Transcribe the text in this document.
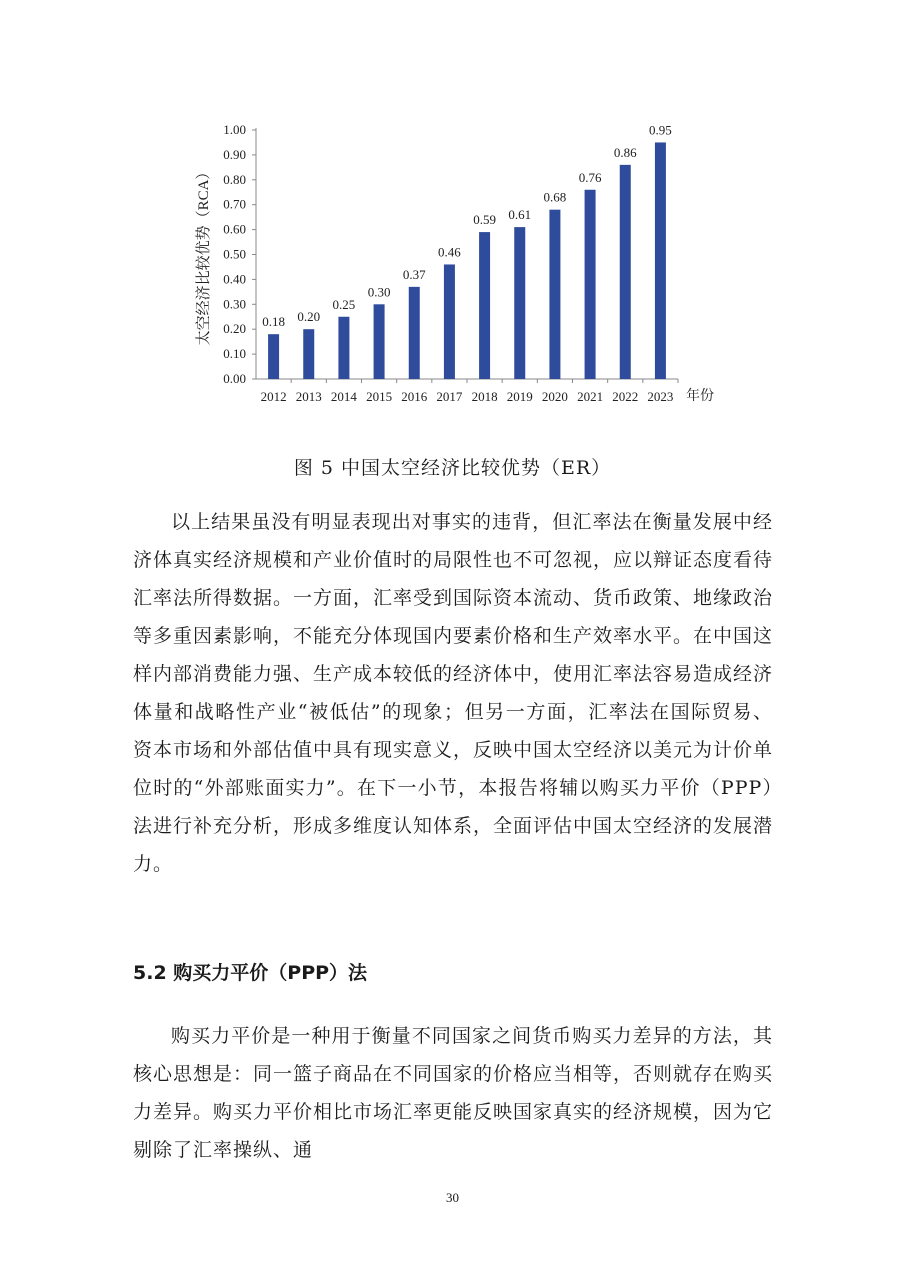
0.00
0.10
0.20
0.30
0.40
0.50
0.60
0.70
0.80
0.90
1.00
0.18 0.20
0.25
0.30
0.37
0.46
0.59 0.61
0.68
0.76
0.86
0.95
2012 2013 2014 2015 2016 2017 2018 2019 2020 2021 2022 2023
太空经济比较优势（RCA）
年份
图 5 中国太空经济比较优势（ER）

以上结果虽没有明显表现出对事实的违背，但汇率法在衡量发展中经济体真实经济规模和产业价值时的局限性也不可忽视，应以辩证态度看待汇率法所得数据。一方面，汇率受到国际资本流动、货币政策、地缘政治等多重因素影响，不能充分体现国内要素价格和生产效率水平。在中国这样内部消费能力强、生产成本较低的经济体中，使用汇率法容易造成经济体量和战略性产业“被低估”的现象；但另一方面，汇率法在国际贸易、资本市场和外部估值中具有现实意义，反映中国太空经济以美元为计价单位时的“外部账面实力”。在下一小节，本报告将辅以购买力平价（PPP）法进行补充分析，形成多维度认知体系，全面评估中国太空经济的发展潜力。

5.2 购买力平价（PPP）法

购买力平价是一种用于衡量不同国家之间货币购买力差异的方法，其核心思想是：同一篮子商品在不同国家的价格应当相等，否则就存在购买力差异。购买力平价相比市场汇率更能反映国家真实的经济规模，因为它剔除了汇率操纵、通

30
